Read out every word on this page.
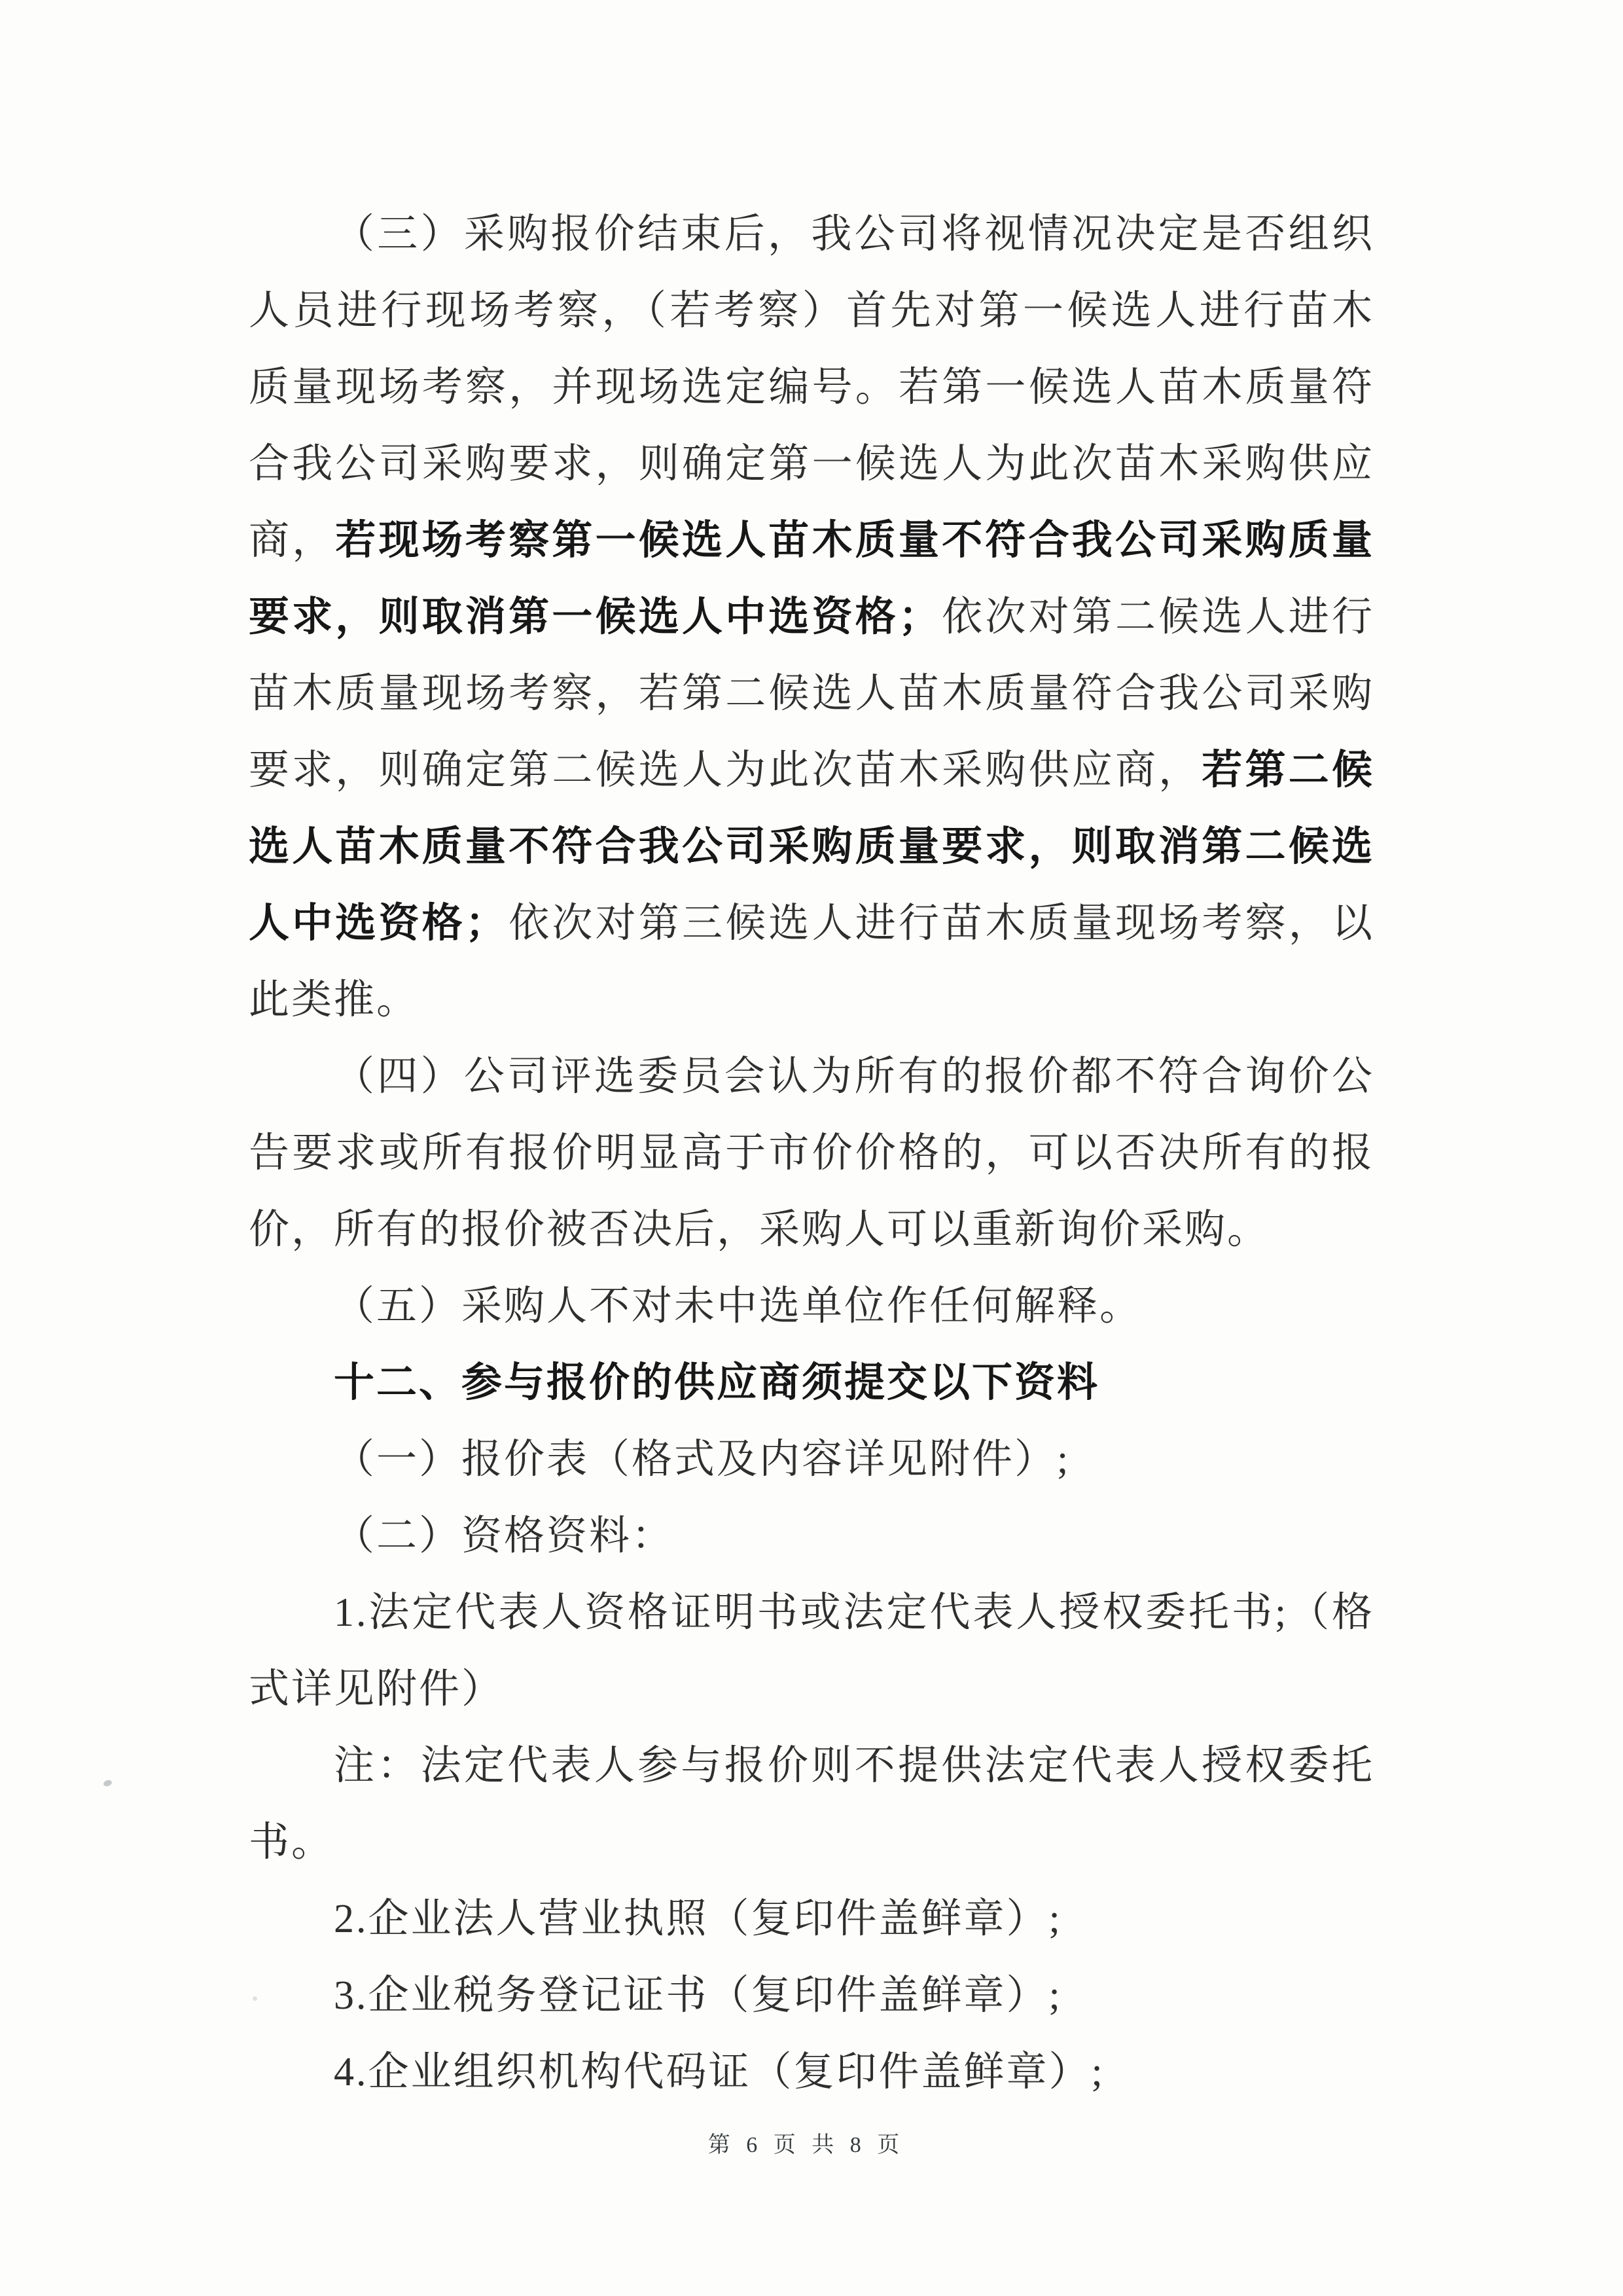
（三）采购报价结束后，我公司将视情况决定是否组织
人员进行现场考察，（若考察）首先对第一候选人进行苗木
质量现场考察，并现场选定编号。若第一候选人苗木质量符
合我公司采购要求，则确定第一候选人为此次苗木采购供应
商，若现场考察第一候选人苗木质量不符合我公司采购质量
要求，则取消第一候选人中选资格；依次对第二候选人进行
苗木质量现场考察，若第二候选人苗木质量符合我公司采购
要求，则确定第二候选人为此次苗木采购供应商，若第二候
选人苗木质量不符合我公司采购质量要求，则取消第二候选
人中选资格；依次对第三候选人进行苗木质量现场考察，以
此类推。
（四）公司评选委员会认为所有的报价都不符合询价公
告要求或所有报价明显高于市价价格的，可以否决所有的报
价，所有的报价被否决后，采购人可以重新询价采购。
（五）采购人不对未中选单位作任何解释。
十二、参与报价的供应商须提交以下资料
（一）报价表（格式及内容详见附件）;
（二）资格资料：
1.法定代表人资格证明书或法定代表人授权委托书;（格
式详见附件）
注：法定代表人参与报价则不提供法定代表人授权委托
书。
2.企业法人营业执照（复印件盖鲜章）;
3.企业税务登记证书（复印件盖鲜章）;
4.企业组织机构代码证（复印件盖鲜章）;
第 6 页 共 8 页
